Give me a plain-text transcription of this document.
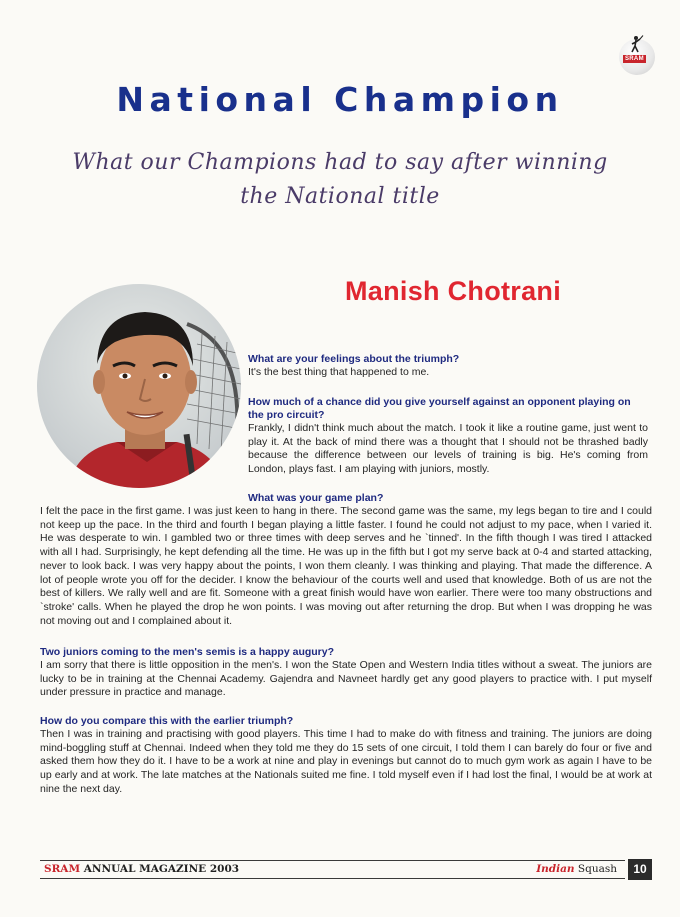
SRAM
National Champion
What our Champions had to say after winning
the National title
Manish Chotrani

What are your feelings about the triumph?

It's the best thing that happened to me.

How much of a chance did you give yourself against an opponent playing on the pro circuit?

Frankly, I didn't think much about the match. I took it like a routine game, just went to play it. At the back of mind there was a thought that I should not be thrashed badly because the difference between our levels of training is big. He's coming from London, plays fast. I am playing with juniors, mostly.

What was your game plan?

I felt the pace in the first game. I was just keen to hang in there. The second game was the same, my legs began to tire and I could not keep up the pace. In the third and fourth I began playing a little faster. I found he could not adjust to my pace, when I varied it. He was desperate to win. I gambled two or three times with deep serves and he `tinned'. In the fifth though I was tired I attacked with all I had. Surprisingly, he kept defending all the time. He was up in the fifth but I got my serve back at 0-4 and started attacking, never to look back. I was very happy about the points, I won them cleanly. I was thinking and playing. That made the difference. A lot of people wrote you off for the decider. I know the behaviour of the courts well and used that knowledge. Both of us are not the best of killers. We rally well and are fit. Someone with a great finish would have won earlier. There were too many obstructions and `stroke' calls. When he played the drop he won points. I was moving out after returning the drop. But when I was dropping he was not moving out and I complained about it.

Two juniors coming to the men's semis is a happy augury?

I am sorry that there is little opposition in the men's. I won the State Open and Western India titles without a sweat. The juniors are lucky to be in training at the Chennai Academy. Gajendra and Navneet hardly get any good players to practice with. I put myself under pressure in practice and manage.

How do you compare this with the earlier triumph?

Then I was in training and practising with good players. This time I had to make do with fitness and training. The juniors are doing mind-boggling stuff at Chennai. Indeed when they told me they do 15 sets of one circuit, I told them I can barely do four or five and asked them how they do it. I have to be a work at nine and play in evenings but cannot do to much gym work as again I have to be up early and at work. The late matches at the Nationals suited me fine. I told myself even if I had lost the final, I would be at work at nine the next day.

SRAM ANNUAL MAGAZINE 2003	Indian Squash	10
